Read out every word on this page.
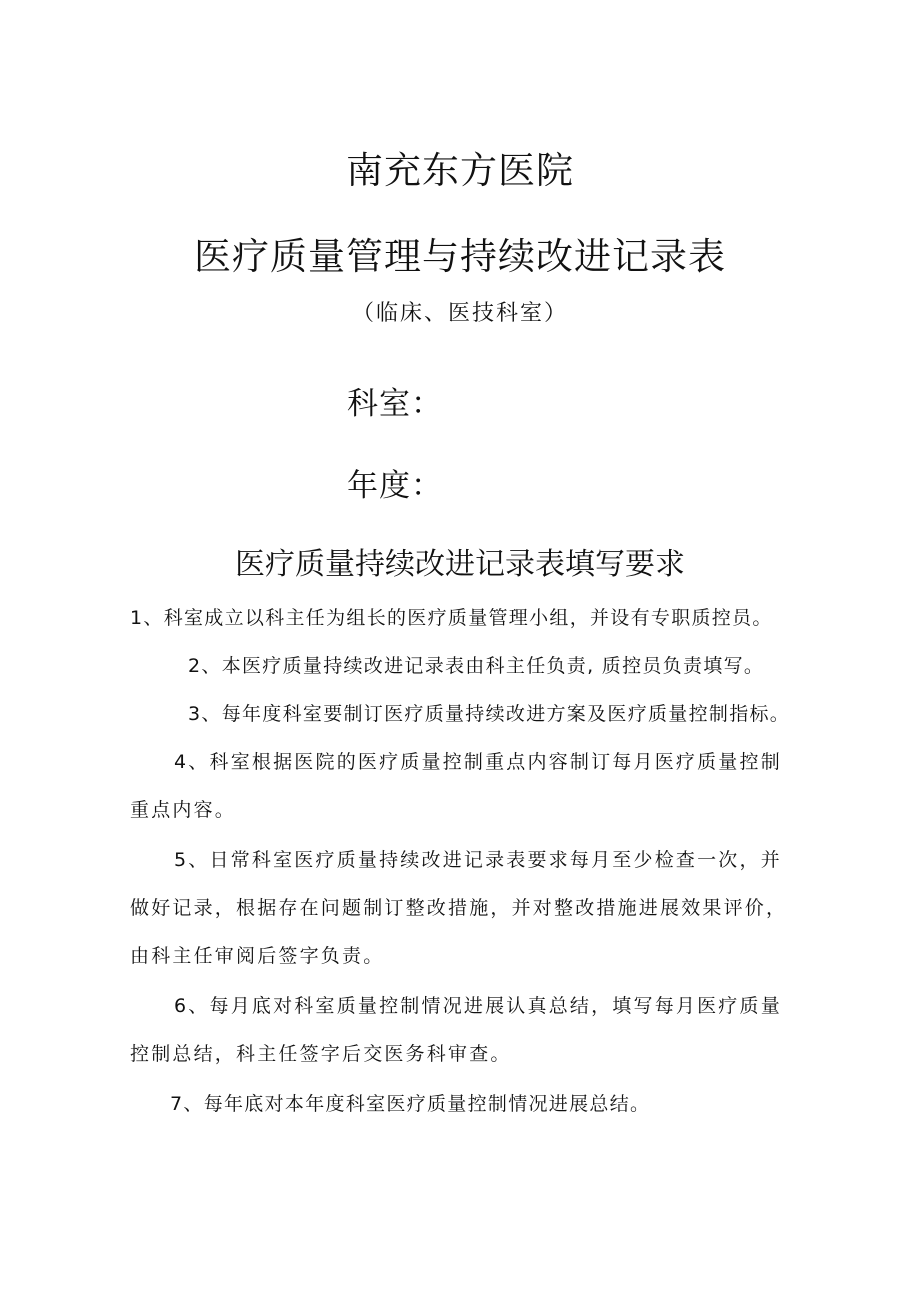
南充东方医院
医疗质量管理与持续改进记录表
（临床、医技科室）
科室：
年度：
医疗质量持续改进记录表填写要求
1、科室成立以科主任为组长的医疗质量管理小组，并设有专职质控员。
2、本医疗质量持续改进记录表由科主任负责, 质控员负责填写。
3、每年度科室要制订医疗质量持续改进方案及医疗质量控制指标。
4、科室根据医院的医疗质量控制重点内容制订每月医疗质量控制重点内容。
5、日常科室医疗质量持续改进记录表要求每月至少检查一次，并做好记录，根据存在问题制订整改措施，并对整改措施进展效果评价，由科主任审阅后签字负责。
6、每月底对科室质量控制情况进展认真总结，填写每月医疗质量控制总结，科主任签字后交医务科审查。
7、每年底对本年度科室医疗质量控制情况进展总结。
